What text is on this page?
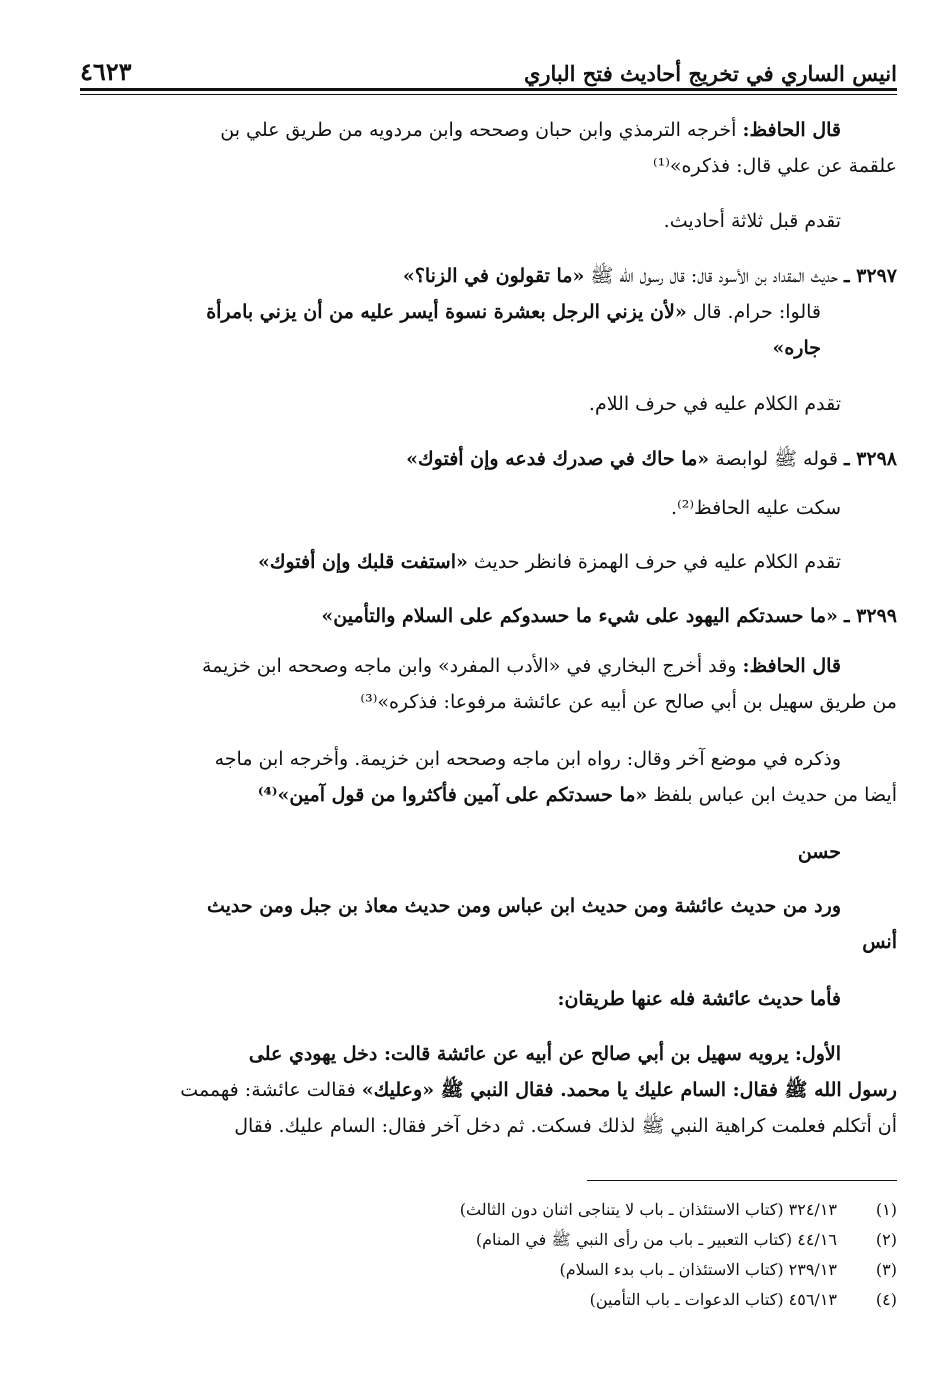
انيس الساري في تخريج أحاديث فتح الباري
٤٦٢٣
قال الحافظ: أخرجه الترمذي وابن حبان وصححه وابن مردويه من طريق علي بن
علقمة عن علي قال: فذكره»⁽¹⁾
تقدم قبل ثلاثة أحاديث.
٣٢٩٧ ـ حديث المقداد بن الأسود قال: قال رسول الله ﷺ «ما تقولون في الزنا؟»
قالوا: حرام. قال «لأن يزني الرجل بعشرة نسوة أيسر عليه من أن يزني بامرأة
جاره»
تقدم الكلام عليه في حرف اللام.
٣٢٩٨ ـ قوله ﷺ لوابصة «ما حاك في صدرك فدعه وإن أفتوك»
سكت عليه الحافظ⁽²⁾.
تقدم الكلام عليه في حرف الهمزة فانظر حديث «استفت قلبك وإن أفتوك»
٣٢٩٩ ـ «ما حسدتكم اليهود على شيء ما حسدوكم على السلام والتأمين»
قال الحافظ: وقد أخرج البخاري في «الأدب المفرد» وابن ماجه وصححه ابن خزيمة
من طريق سهيل بن أبي صالح عن أبيه عن عائشة مرفوعا: فذكره»⁽³⁾
وذكره في موضع آخر وقال: رواه ابن ماجه وصححه ابن خزيمة. وأخرجه ابن ماجه
أيضا من حديث ابن عباس بلفظ «ما حسدتكم على آمين فأكثروا من قول آمين»⁽⁴⁾
حسن
ورد من حديث عائشة ومن حديث ابن عباس ومن حديث معاذ بن جبل ومن حديث
أنس
فأما حديث عائشة فله عنها طريقان:
الأول: يرويه سهيل بن أبي صالح عن أبيه عن عائشة قالت: دخل يهودي على
رسول الله ﷺ فقال: السام عليك يا محمد. فقال النبي ﷺ «وعليك» فقالت عائشة: فهممت
أن أتكلم فعلمت كراهية النبي ﷺ لذلك فسكت. ثم دخل آخر فقال: السام عليك. فقال
(١)٣٢٤/١٣ (كتاب الاستئذان ـ باب لا يتناجى اثنان دون الثالث)
(٢)٤٤/١٦ (كتاب التعبير ـ باب من رأى النبي ﷺ في المنام)
(٣)٢٣٩/١٣ (كتاب الاستئذان ـ باب بدء السلام)
(٤)٤٥٦/١٣ (كتاب الدعوات ـ باب التأمين)
